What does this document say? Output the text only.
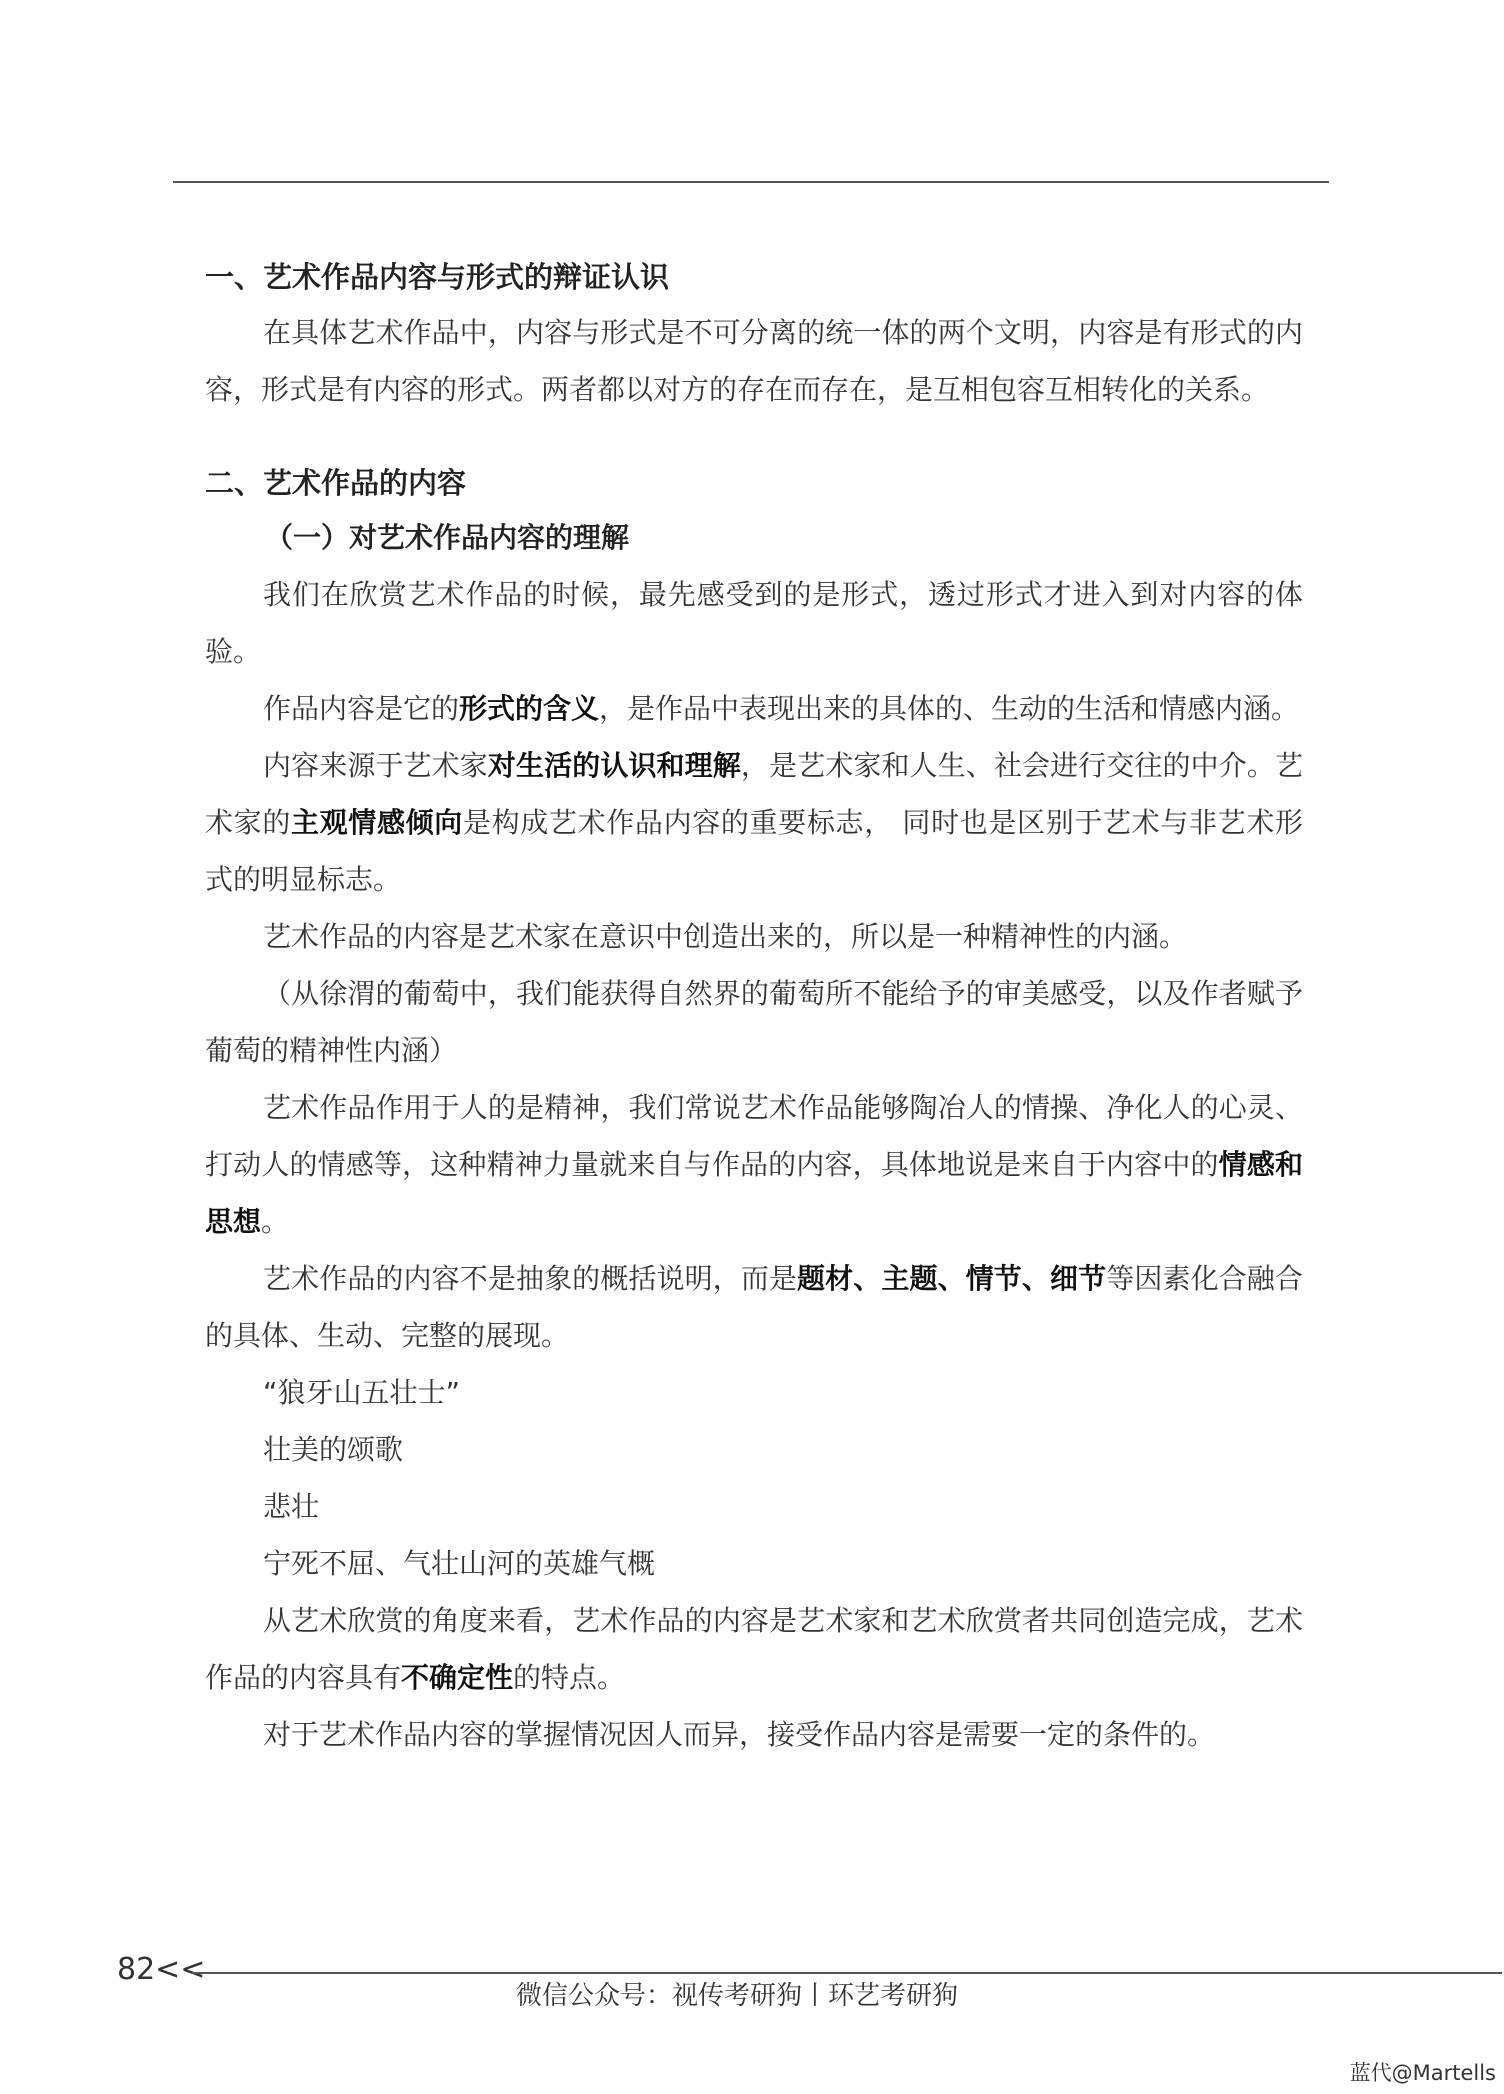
一、艺术作品内容与形式的辩证认识

在具体艺术作品中，内容与形式是不可分离的统一体的两个文明，内容是有形式的内容，形式是有内容的形式。两者都以对方的存在而存在，是互相包容互相转化的关系。

二、艺术作品的内容
（一）对艺术作品内容的理解

我们在欣赏艺术作品的时候，最先感受到的是形式，透过形式才进入到对内容的体验。

作品内容是它的形式的含义，是作品中表现出来的具体的、生动的生活和情感内涵。

内容来源于艺术家对生活的认识和理解，是艺术家和人生、社会进行交往的中介。艺术家的主观情感倾向是构成艺术作品内容的重要标志， 同时也是区别于艺术与非艺术形式的明显标志。

艺术作品的内容是艺术家在意识中创造出来的，所以是一种精神性的内涵。

（从徐渭的葡萄中，我们能获得自然界的葡萄所不能给予的审美感受，以及作者赋予葡萄的精神性内涵）

艺术作品作用于人的是精神，我们常说艺术作品能够陶冶人的情操、净化人的心灵、打动人的情感等，这种精神力量就来自与作品的内容，具体地说是来自于内容中的情感和思想。

艺术作品的内容不是抽象的概括说明，而是题材、主题、情节、细节等因素化合融合的具体、生动、完整的展现。

“狼牙山五壮士”

壮美的颂歌

悲壮

宁死不屈、气壮山河的英雄气概

从艺术欣赏的角度来看，艺术作品的内容是艺术家和艺术欣赏者共同创造完成，艺术作品的内容具有不确定性的特点。

对于艺术作品内容的掌握情况因人而异，接受作品内容是需要一定的条件的。

82<<
微信公众号：视传考研狗丨环艺考研狗
蓝代@Martells
